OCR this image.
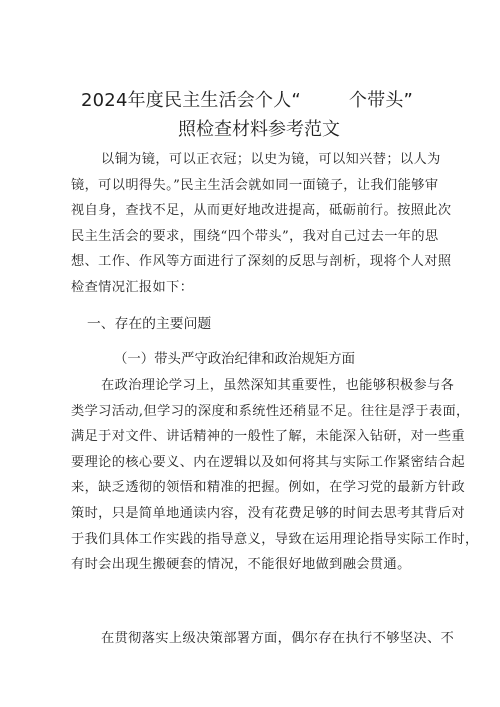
2024年度民主生活会个人“	个带头”
照检查材料参考范文
以铜为镜，可以正衣冠；以史为镜，可以知兴替；以人为
镜，可以明得失。”民主生活会就如同一面镜子，让我们能够审
视自身，查找不足，从而更好地改进提高，砥砺前行。按照此次
民主生活会的要求，围绕“四个带头”，我对自己过去一年的思
想、工作、作风等方面进行了深刻的反思与剖析，现将个人对照
检查情况汇报如下：
一、存在的主要问题
（一）带头严守政治纪律和政治规矩方面
在政治理论学习上，虽然深知其重要性，也能够积极参与各
类学习活动,但学习的深度和系统性还稍显不足。往往是浮于表面，
满足于对文件、讲话精神的一般性了解，未能深入钻研，对一些重
要理论的核心要义、内在逻辑以及如何将其与实际工作紧密结合起
来，缺乏透彻的领悟和精准的把握。例如，在学习党的最新方针政
策时，只是简单地通读内容，没有花费足够的时间去思考其背后对
于我们具体工作实践的指导意义，导致在运用理论指导实际工作时，
有时会出现生搬硬套的情况，不能很好地做到融会贯通。
在贯彻落实上级决策部署方面，偶尔存在执行不够坚决、不
